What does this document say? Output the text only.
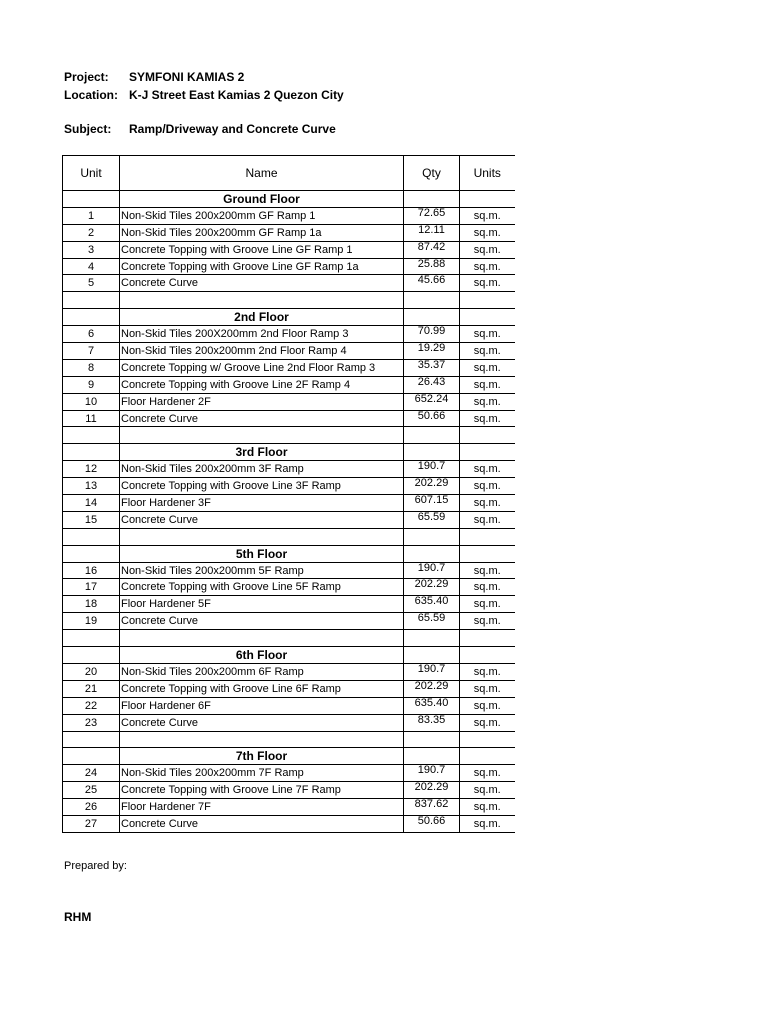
Project: SYMFONI KAMIAS 2
Location: K-J Street East Kamias 2 Quezon City
Subject: Ramp/Driveway and Concrete Curve
Unit	Name	Qty	Units
	Ground Floor		
1	Non-Skid Tiles 200x200mm GF Ramp 1	72.65	sq.m.
2	Non-Skid Tiles 200x200mm GF Ramp 1a	12.11	sq.m.
3	Concrete Topping with Groove Line GF Ramp 1	87.42	sq.m.
4	Concrete Topping with Groove Line GF Ramp 1a	25.88	sq.m.
5	Concrete Curve	45.66	sq.m.

	2nd Floor		
6	Non-Skid Tiles 200X200mm 2nd Floor Ramp 3	70.99	sq.m.
7	Non-Skid Tiles 200x200mm 2nd Floor Ramp 4	19.29	sq.m.
8	Concrete Topping w/ Groove Line 2nd Floor Ramp 3	35.37	sq.m.
9	Concrete Topping with Groove Line 2F Ramp 4	26.43	sq.m.
10	Floor Hardener 2F	652.24	sq.m.
11	Concrete Curve	50.66	sq.m.

	3rd Floor		
12	Non-Skid Tiles 200x200mm 3F Ramp	190.7	sq.m.
13	Concrete Topping with Groove Line 3F Ramp	202.29	sq.m.
14	Floor Hardener 3F	607.15	sq.m.
15	Concrete Curve	65.59	sq.m.

	5th Floor		
16	Non-Skid Tiles 200x200mm 5F Ramp	190.7	sq.m.
17	Concrete Topping with Groove Line 5F Ramp	202.29	sq.m.
18	Floor Hardener 5F	635.40	sq.m.
19	Concrete Curve	65.59	sq.m.

	6th Floor		
20	Non-Skid Tiles 200x200mm 6F Ramp	190.7	sq.m.
21	Concrete Topping with Groove Line 6F Ramp	202.29	sq.m.
22	Floor Hardener 6F	635.40	sq.m.
23	Concrete Curve	83.35	sq.m.

	7th Floor		
24	Non-Skid Tiles 200x200mm 7F Ramp	190.7	sq.m.
25	Concrete Topping with Groove Line 7F Ramp	202.29	sq.m.
26	Floor Hardener 7F	837.62	sq.m.
27	Concrete Curve	50.66	sq.m.
Prepared by:
RHM
